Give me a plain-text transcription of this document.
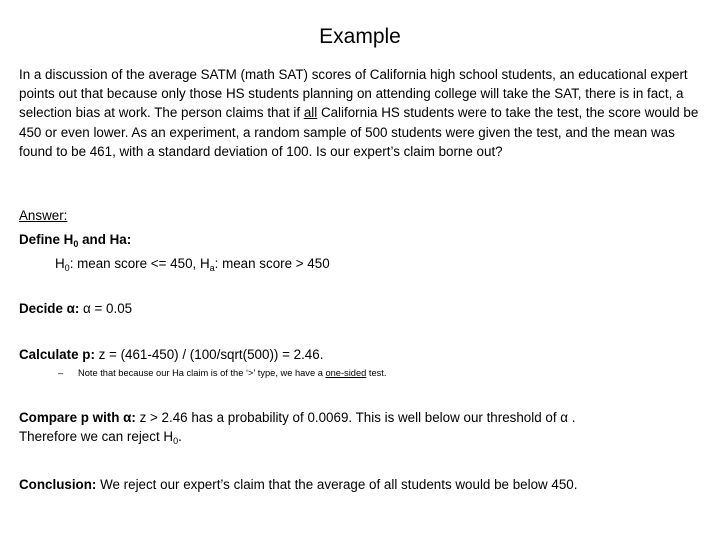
Example
In a discussion of the average SATM (math SAT) scores of California high school students, an educational expert points out that because only those HS students planning on attending college will take the SAT, there is in fact, a selection bias at work. The person claims that if all California HS students were to take the test, the score would be 450 or even lower. As an experiment, a random sample of 500 students were given the test, and the mean was found to be 461, with a standard deviation of 100. Is our expert’s claim borne out?
Answer:
Define $H_0$ and Ha:
$H_0$: mean score <= 450, $H_a$: mean score > 450
Decide α: α = 0.05
Calculate p: z = (461-450) / (100/sqrt(500)) = 2.46.
– Note that because our Ha claim is of the ‘>’ type, we have a one-sided test.
Compare p with α: z > 2.46 has a probability of 0.0069. This is well below our threshold of α .
Therefore we can reject $H_0$.
Conclusion: We reject our expert’s claim that the average of all students would be below 450.
